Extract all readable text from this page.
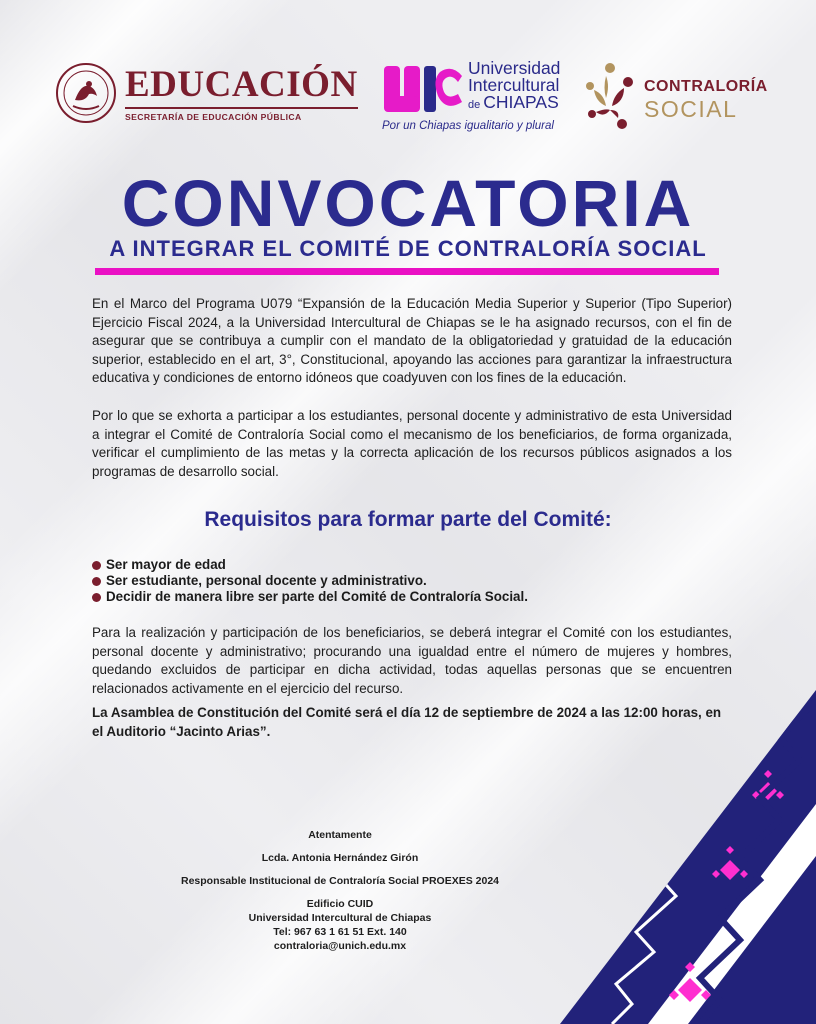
EDUCACIÓN
SECRETARÍA DE EDUCACIÓN PÚBLICA
Universidad
Intercultural
de CHIAPAS
Por un Chiapas igualitario y plural
CONTRALORÍA
SOCIAL
CONVOCATORIA
A INTEGRAR EL COMITÉ DE CONTRALORÍA SOCIAL
En el Marco del Programa U079 “Expansión de la Educación Media Superior y Superior (Tipo Superior) Ejercicio Fiscal 2024, a la Universidad Intercultural de Chiapas se le ha asignado recursos, con el fin de asegurar que se contribuya a cumplir con el mandato de la obligatoriedad y gratuidad de la educación superior, establecido en el art, 3°, Constitucional, apoyando las acciones para garantizar la infraestructura educativa y condiciones de entorno idóneos que coadyuven con los fines de la educación.
Por lo que se exhorta a participar a los estudiantes, personal docente y administrativo de esta Universidad a integrar el Comité de Contraloría Social como el mecanismo de los beneficiarios, de forma organizada, verificar el cumplimiento de las metas y la correcta aplicación de los recursos públicos asignados a los programas de desarrollo social.
Requisitos para formar parte del Comité:
Ser mayor de edad
Ser estudiante, personal docente y administrativo.
Decidir de manera libre ser parte del Comité de Contraloría Social.
Para la realización y participación de los beneficiarios, se deberá integrar el Comité con los estudiantes, personal docente y administrativo; procurando una igualdad entre el número de mujeres y hombres, quedando excluidos de participar en dicha actividad, todas aquellas personas que se encuentren relacionados activamente en el ejercicio del recurso.
La Asamblea de Constitución del Comité será el día 12 de septiembre de 2024 a las 12:00 horas, en el Auditorio “Jacinto Arias”.
Atentamente
Lcda. Antonia Hernández Girón
Responsable Institucional de Contraloría Social PROEXES 2024
Edificio CUID
Universidad Intercultural de Chiapas
Tel: 967 63 1 61 51 Ext. 140
contraloria@unich.edu.mx
